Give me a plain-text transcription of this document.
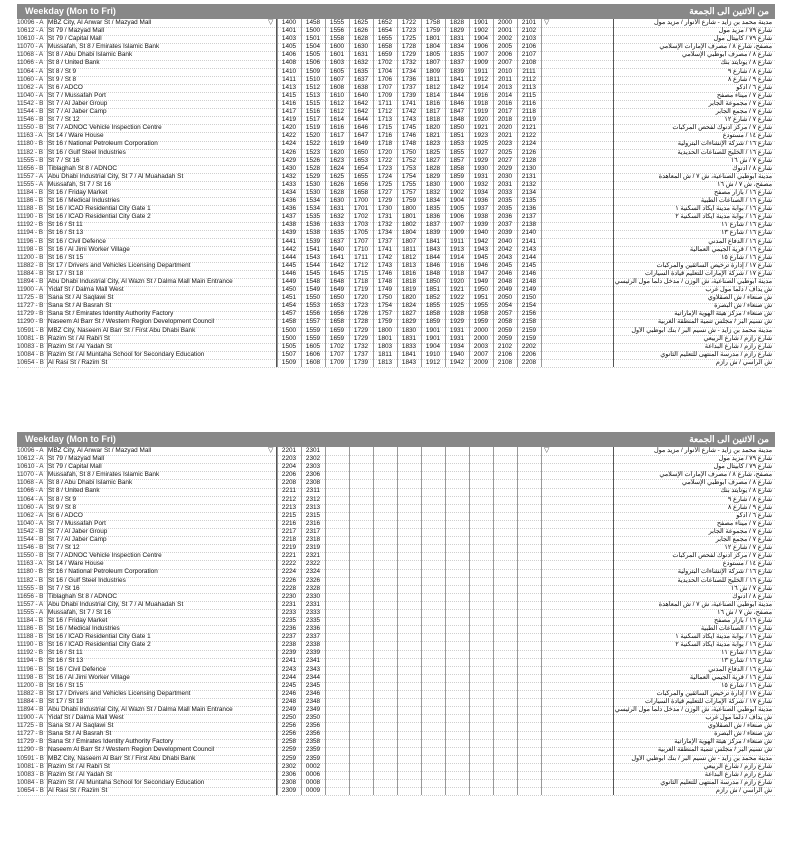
Weekday (Mon to Fri)	من الاثنين الى الجمعة
10096 - A MBZ City, Al Anwar St / Mazyad Mall	1400	1458	1555	1625	1652	1722	1758	1828	1901	2000	2101	مدينة محمد بن زايد - شارع الأنوار / مزيد مول
10612 - A St 79 / Mazyad Mall	1401	1500	1556	1626	1654	1723	1759	1829	1902	2001	2102	شارع ٧٩ / مزيد مول
10610 - A St 79 / Capital Mall	1403	1501	1558	1628	1655	1725	1801	1831	1904	2002	2103	شارع ٧٩ / كابيتال مول
11070 - A Mussafah, St 8 / Emirates Islamic Bank	1405	1504	1600	1630	1658	1728	1804	1834	1906	2005	2106	مصفح، شارع ٨ / مصرف الإمارات الإسلامي
11068 - A St 8 / Abu Dhabi Islamic Bank	1406	1505	1601	1631	1659	1729	1805	1835	1907	2006	2107	شارع ٨ / مصرف أبوظبي الإسلامي
11066 - A St 8 / United Bank	1408	1506	1603	1632	1702	1732	1807	1837	1909	2007	2108	شارع ٨ / يونايتد بنك
11064 - A St 8 / St 9	1410	1509	1605	1635	1704	1734	1809	1839	1911	2010	2111	شارع ٨ / شارع ٩
11060 - A St 9 / St 8	1411	1510	1607	1637	1706	1736	1811	1841	1912	2011	2112	شارع ٩ / شارع ٨
11062 - A St 6 / ADCO	1413	1512	1608	1638	1707	1737	1812	1842	1914	2013	2113	شارع ٦ / أدكو
11040 - A St 7 / Mussafah Port	1415	1513	1610	1640	1709	1739	1814	1844	1916	2014	2115	شارع ٧ / ميناء مصفح
11542 - B St 7 / Al Jaber Group	1416	1515	1612	1642	1711	1741	1816	1846	1918	2016	2116	شارع ٧ / مجموعة الجابر
11544 - B St 7 / Al Jaber Camp	1417	1516	1612	1642	1712	1742	1817	1847	1919	2017	2118	شارع ٧ / مجمع الجابر
11546 - B St 7 / St 12	1419	1517	1614	1644	1713	1743	1818	1848	1920	2018	2119	شارع ٧ / شارع ١٢
11550 - B St 7 / ADNOC Vehicle Inspection Centre	1420	1519	1616	1646	1715	1745	1820	1850	1921	2020	2121	شارع ٧ / مركز أدنوك لفحص المركبات
11163 - A St 14 / Ware House	1422	1520	1617	1647	1716	1746	1821	1851	1923	2021	2122	شارع ١٤ / مستودع
11180 - B St 16 / National Petroleum Corporation	1424	1522	1619	1649	1718	1748	1823	1853	1925	2023	2124	شارع ١٦ / شركة الإنشاءات البترولية
11182 - B St 16 / Gulf Steel Industries	1426	1523	1620	1650	1720	1750	1825	1855	1927	2025	2126	شارع ١٦ / الخليج للصناعات الحديدية
11555 - B St 7 / St 16	1429	1526	1623	1653	1722	1752	1827	1857	1929	2027	2128	شارع ٧ / ش ١٦
11656 - B Tiblaghah St 8 / ADNOC	1430	1528	1624	1654	1723	1753	1828	1858	1930	2029	2130	شارع ٨ / أدنوك
11557 - A Abu Dhabi Industrial City, St 7 / Al Muahadah St	1432	1529	1625	1655	1724	1754	1829	1859	1931	2030	2131	مدينة أبوظبي الصناعية، ش ٧ / ش المعاهدة
11555 - A Mussafah, St 7 / St 16	1433	1530	1626	1656	1725	1755	1830	1900	1932	2031	2132	مصفح، ش ٧ / ش ١٦
11184 - B St 16 / Friday Market	1434	1530	1628	1658	1727	1757	1832	1902	1934	2033	2134	شارع ١٦ / بازار مصفح
11186 - B St 16 / Medical Industries	1436	1534	1630	1700	1729	1759	1834	1904	1936	2035	2135	شارع ١٦ / الصناعات الطبية
11188 - B St 16 / ICAD Residential City Gate 1	1436	1534	1631	1701	1730	1800	1835	1905	1937	2035	2136	شارع ١٦ / بوابة مدينة ايكاد السكنية ١
11190 - B St 16 / ICAD Residential City Gate 2	1437	1535	1632	1702	1731	1801	1836	1906	1938	2036	2137	شارع ١٦ / بوابة مدينة ايكاد السكنية ٢
11192 - B St 16 / St 11	1438	1536	1633	1703	1732	1802	1837	1907	1939	2037	2138	شارع ١٦ / شارع ١١
11194 - B St 16 / St 13	1439	1538	1635	1705	1734	1804	1839	1909	1940	2039	2140	شارع ١٦ / شارع ١٣
11196 - B St 16 / Civil Defence	1441	1539	1637	1707	1737	1807	1841	1911	1942	2040	2141	شارع ١٦ / الدفاع المدني
11198 - B St 16 / Al Jimi Worker Village	1442	1541	1640	1710	1741	1811	1843	1913	1943	2042	2143	شارع ١٦ / قرية الجيمي العمالية
11200 - B St 16 / St 15	1444	1543	1641	1711	1742	1812	1844	1914	1945	2043	2144	شارع ١٦ / شارع ١٥
11882 - B St 17 / Drivers and Vehicles Licensing Department	1445	1544	1642	1712	1743	1813	1846	1916	1946	2045	2145	شارع ١٧ / إدارة ترخيص السائقين والمركبات
11884 - B St 17 / St 18	1446	1545	1645	1715	1746	1816	1848	1918	1947	2046	2146	شارع ١٧ / شركة الإمارات للتعليم قيادة السيارات
11894 - B Abu Dhabi Industrial City, Al Wazn St / Dalma Mall Main Entrance	1449	1548	1648	1718	1748	1818	1850	1920	1949	2048	2148	مدينة أبوظبي الصناعية، ش الوزن / مدخل دلما مول الرئيسي
11900 - A Yidaf St / Dalma Mall West	1450	1549	1649	1719	1749	1819	1851	1921	1950	2049	2149	ش يداف / دلما مول غرب
11725 - B Sana St / Al Saqlawi St	1451	1550	1650	1720	1750	1820	1852	1922	1951	2050	2150	ش صنعاء / ش الصقلاوي
11727 - B Sana St / Al Basrah St	1454	1553	1653	1723	1754	1824	1855	1925	1955	2054	2154	ش صنعاء / ش البصرة
11729 - B Sana St / Emirates Identity Authority Factory	1457	1556	1656	1726	1757	1827	1858	1928	1958	2057	2156	ش صنعاء / مركز هيئة الهوية الإماراتية
11290 - B Naseem Al Barr St / Western Region Development Council	1458	1557	1658	1728	1759	1829	1859	1929	1959	2058	2158	ش نسيم البر / مجلس تنمية المنطقة الغربية
10591 - B MBZ City, Naseem Al Barr St / First Abu Dhabi Bank	1500	1559	1659	1729	1800	1830	1901	1931	2000	2059	2159	مدينة محمد بن زايد - ش نسيم البر / بنك أبوظبي الأول
10081 - B Razim St / Al Rabi'i St	1500	1559	1659	1729	1801	1831	1901	1931	2000	2059	2159	شارع رازم / شارع الربيعي
10083 - B Razim St / Al Yadah St	1505	1605	1702	1732	1803	1833	1904	1934	2003	2102	2202	شارع رازم / شارع البداعة
10084 - B Razim St / Al Muntaha School for Secondary Education	1507	1606	1707	1737	1811	1841	1910	1940	2007	2106	2206	شارع رازم / مدرسة المنتهى للتعليم الثانوي
10654 - B Al Rasi St / Razim St	1509	1608	1709	1739	1813	1843	1912	1942	2009	2108	2208	ش الراسي / ش رازم
▽	▽
Weekday (Mon to Fri)	من الاثنين الى الجمعة
10096 - A MBZ City, Al Anwar St / Mazyad Mall	2201	2301	مدينة محمد بن زايد - شارع الأنوار / مزيد مول
10612 - A St 79 / Mazyad Mall	2203	2302	شارع ٧٩ / مزيد مول
10610 - A St 79 / Capital Mall	2204	2303	شارع ٧٩ / كابيتال مول
11070 - A Mussafah, St 8 / Emirates Islamic Bank	2206	2306	مصفح، شارع ٨ / مصرف الإمارات الإسلامي
11068 - A St 8 / Abu Dhabi Islamic Bank	2208	2308	شارع ٨ / مصرف أبوظبي الإسلامي
11066 - A St 8 / United Bank	2211	2311	شارع ٨ / يونايتد بنك
11064 - A St 8 / St 9	2212	2312	شارع ٨ / شارع ٩
11060 - A St 9 / St 8	2213	2313	شارع ٩ / شارع ٨
11062 - A St 6 / ADCO	2215	2315	شارع ٦ / أدكو
11040 - A St 7 / Mussafah Port	2216	2316	شارع ٧ / ميناء مصفح
11542 - B St 7 / Al Jaber Group	2217	2317	شارع ٧ / مجموعة الجابر
11544 - B St 7 / Al Jaber Camp	2218	2318	شارع ٧ / مجمع الجابر
11546 - B St 7 / St 12	2219	2319	شارع ٧ / شارع ١٢
11550 - B St 7 / ADNOC Vehicle Inspection Centre	2221	2321	شارع ٧ / مركز أدنوك لفحص المركبات
11163 - A St 14 / Ware House	2222	2322	شارع ١٤ / مستودع
11180 - B St 16 / National Petroleum Corporation	2224	2324	شارع ١٦ / شركة الإنشاءات البترولية
11182 - B St 16 / Gulf Steel Industries	2226	2326	شارع ١٦ / الخليج للصناعات الحديدية
11555 - B St 7 / St 16	2228	2328	شارع ٧ / ش ١٦
11656 - B Tiblaghah St 8 / ADNOC	2230	2330	شارع ٨ / أدنوك
11557 - A Abu Dhabi Industrial City, St 7 / Al Muahadah St	2231	2331	مدينة أبوظبي الصناعية، ش ٧ / ش المعاهدة
11555 - A Mussafah, St 7 / St 16	2233	2333	مصفح، ش ٧ / ش ١٦
11184 - B St 16 / Friday Market	2235	2335	شارع ١٦ / بازار مصفح
11186 - B St 16 / Medical Industries	2236	2336	شارع ١٦ / الصناعات الطبية
11188 - B St 16 / ICAD Residential City Gate 1	2237	2337	شارع ١٦ / بوابة مدينة ايكاد السكنية ١
11190 - B St 16 / ICAD Residential City Gate 2	2238	2338	شارع ١٦ / بوابة مدينة ايكاد السكنية ٢
11192 - B St 16 / St 11	2239	2339	شارع ١٦ / شارع ١١
11194 - B St 16 / St 13	2241	2341	شارع ١٦ / شارع ١٣
11196 - B St 16 / Civil Defence	2243	2343	شارع ١٦ / الدفاع المدني
11198 - B St 16 / Al Jimi Worker Village	2244	2344	شارع ١٦ / قرية الجيمي العمالية
11200 - B St 16 / St 15	2245	2345	شارع ١٦ / شارع ١٥
11882 - B St 17 / Drivers and Vehicles Licensing Department	2246	2346	شارع ١٧ / إدارة ترخيص السائقين والمركبات
11884 - B St 17 / St 18	2248	2348	شارع ١٧ / شركة الإمارات للتعليم قيادة السيارات
11894 - B Abu Dhabi Industrial City, Al Wazn St / Dalma Mall Main Entrance	2249	2349	مدينة أبوظبي الصناعية، ش الوزن / مدخل دلما مول الرئيسي
11900 - A Yidaf St / Dalma Mall West	2250	2350	ش يداف / دلما مول غرب
11725 - B Sana St / Al Saqlawi St	2256	2356	ش صنعاء / ش الصقلاوي
11727 - B Sana St / Al Basrah St	2256	2356	ش صنعاء / ش البصرة
11729 - B Sana St / Emirates Identity Authority Factory	2258	2358	ش صنعاء / مركز هيئة الهوية الإماراتية
11290 - B Naseem Al Barr St / Western Region Development Council	2259	2359	ش نسيم البر / مجلس تنمية المنطقة الغربية
10591 - B MBZ City, Naseem Al Barr St / First Abu Dhabi Bank	2259	2359	مدينة محمد بن زايد - ش نسيم البر / بنك أبوظبي الأول
10081 - B Razim St / Al Rabi'i St	2302	0002	شارع رازم / شارع الربيعي
10083 - B Razim St / Al Yadah St	2306	0006	شارع رازم / شارع البداعة
10084 - B Razim St / Al Muntaha School for Secondary Education	2308	0008	شارع رازم / مدرسة المنتهى للتعليم الثانوي
10654 - B Al Rasi St / Razim St	2309	0009	ش الراسي / ش رازم
▽	▽
